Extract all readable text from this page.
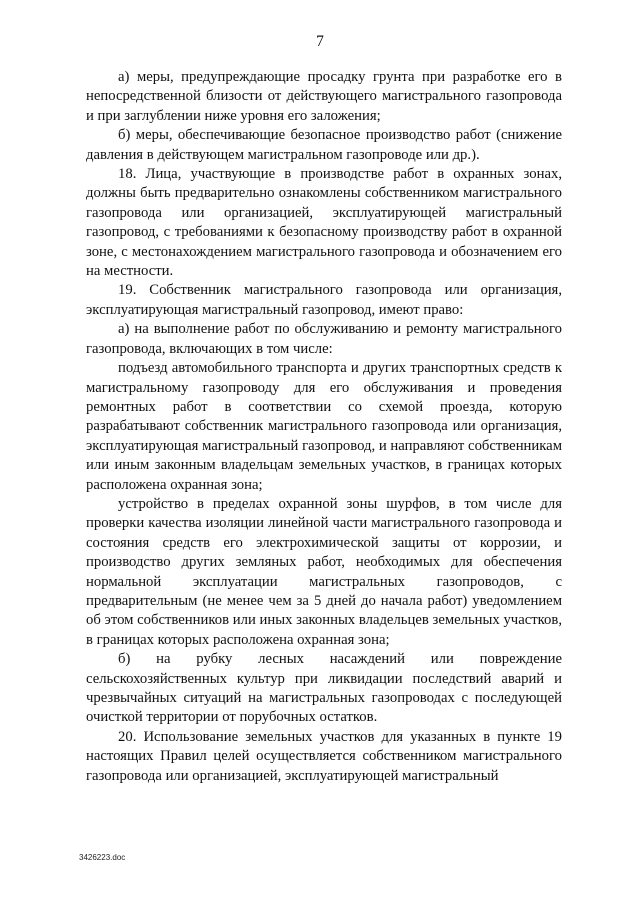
7

а) меры, предупреждающие просадку грунта при разработке его в непосредственной близости от действующего магистрального газопровода и при заглублении ниже уровня его заложения;

б) меры, обеспечивающие безопасное производство работ (снижение давления в действующем магистральном газопроводе или др.).

18. Лица, участвующие в производстве работ в охранных зонах, должны быть предварительно ознакомлены собственником магистрального газопровода или организацией, эксплуатирующей магистральный газопровод, с требованиями к безопасному производству работ в охранной зоне, с местонахождением магистрального газопровода и обозначением его на местности.

19. Собственник магистрального газопровода или организация, эксплуатирующая магистральный газопровод, имеют право:

а) на выполнение работ по обслуживанию и ремонту магистрального газопровода, включающих в том числе:

подъезд автомобильного транспорта и других транспортных средств к магистральному газопроводу для его обслуживания и проведения ремонтных работ в соответствии со схемой проезда, которую разрабатывают собственник магистрального газопровода или организация, эксплуатирующая магистральный газопровод, и направляют собственникам или иным законным владельцам земельных участков, в границах которых расположена охранная зона;

устройство в пределах охранной зоны шурфов, в том числе для проверки качества изоляции линейной части магистрального газопровода и состояния средств его электрохимической защиты от коррозии, и производство других земляных работ, необходимых для обеспечения нормальной эксплуатации магистральных газопроводов, с предварительным (не менее чем за 5 дней до начала работ) уведомлением об этом собственников или иных законных владельцев земельных участков, в границах которых расположена охранная зона;

б) на рубку лесных насаждений или повреждение сельскохозяйственных культур при ликвидации последствий аварий и чрезвычайных ситуаций на магистральных газопроводах с последующей очисткой территории от порубочных остатков.

20. Использование земельных участков для указанных в пункте 19 настоящих Правил целей осуществляется собственником магистрального газопровода или организацией, эксплуатирующей магистральный

3426223.doc
